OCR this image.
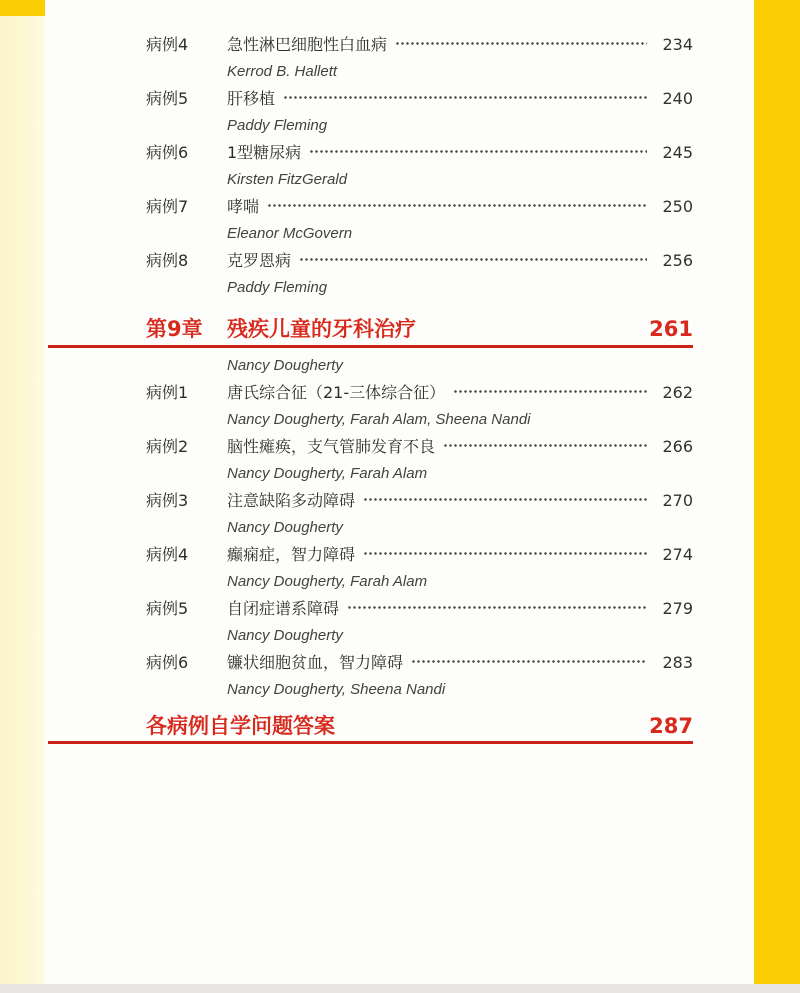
病例4	急性淋巴细胞性白血病	234
Kerrod B. Hallett
病例5	肝移植	240
Paddy Fleming
病例6	1型糖尿病	245
Kirsten FitzGerald
病例7	哮喘	250
Eleanor McGovern
病例8	克罗恩病	256
Paddy Fleming
第9章	残疾儿童的牙科治疗	261
Nancy Dougherty
病例1	唐氏综合征（21-三体综合征）	262
Nancy Dougherty, Farah Alam, Sheena Nandi
病例2	脑性瘫痪，支气管肺发育不良	266
Nancy Dougherty, Farah Alam
病例3	注意缺陷多动障碍	270
Nancy Dougherty
病例4	癫痫症，智力障碍	274
Nancy Dougherty, Farah Alam
病例5	自闭症谱系障碍	279
Nancy Dougherty
病例6	镰状细胞贫血，智力障碍	283
Nancy Dougherty, Sheena Nandi
各病例自学问题答案	287
